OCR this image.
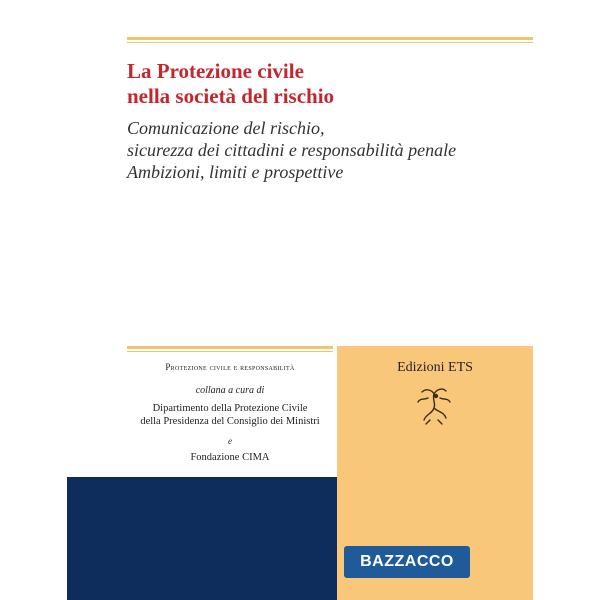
La Protezione civile
nella società del rischio
Comunicazione del rischio,
sicurezza dei cittadini e responsabilità penale
Ambizioni, limiti e prospettive
Protezione civile e responsabilità
collana a cura di
Dipartimento della Protezione Civile
della Presidenza del Consiglio dei Ministri
e
Fondazione CIMA
Edizioni ETS
BAZZACCO
